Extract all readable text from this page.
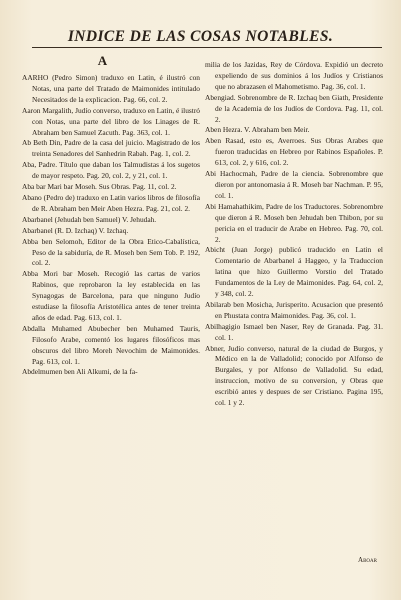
INDICE DE LAS COSAS NOTABLES.
A

AARHO (Pedro Simon) traduxo en Latin, é ilustró con Notas, una parte del Tratado de Maimonides intitulado Necesitados de la explicacion. Pag. 66, col. 2.

Aaron Margalith, Judío converso, traduxo en Latin, é ilustró con Notas, una parte del libro de los Linages de R. Abraham ben Samuel Zacuth. Pag. 363, col. 1.

Ab Beth Din, Padre de la casa del juicio. Magistrado de los treinta Senadores del Sanhedrin Rabah. Pag. 1, col. 2.

Aba, Padre. Título que daban los Talmudistas á los sugetos de mayor respeto. Pag. 20, col. 2, y 21, col. 1.

Aba bar Mari bar Moseh. Sus Obras. Pag. 11, col. 2.

Abano (Pedro de) traduxo en Latin varios libros de filosofía de R. Abraham ben Meir Aben Hezra. Pag. 21, col. 2.

Abarbanel (Jehudah ben Samuel) V. Jehudah.

Abarbanel (R. D. Izchaq) V. Izchaq.

Abba ben Selomoh, Editor de la Obra Etico-Cabalística, Peso de la sabiduría, de R. Moseh ben Sem Tob. P. 192, col. 2.

Abba Mori bar Moseh. Recogió las cartas de varios Rabinos, que reprobaron la ley establecida en las Synagogas de Barcelona, para que ninguno Judío estudiase la filosofía Aristotélica antes de tener treinta años de edad. Pag. 613, col. 1.

Abdalla Muhamed Abubecher ben Muhamed Tauris, Filosofo Arabe, comentó los lugares filosóficos mas obscuros del libro Moreh Nevochim de Maimonides. Pag. 613, col. 1.

Abdelmumen ben Ali Alkumi, de la fa-

milia de los Jazidas, Rey de Córdova. Expidió un decreto expeliendo de sus dominios á los Judíos y Cristianos que no abrazasen el Mahometismo. Pag. 36, col. 1.

Abengiad. Sobrenombre de R. Izchaq ben Giath, Presidente de la Academia de los Judíos de Cordova. Pag. 11, col. 2.

Aben Hezra. V. Abraham ben Meir.

Aben Rasad, esto es, Averroes. Sus Obras Arabes que fueron traducidas en Hebreo por Rabinos Españoles. P. 613, col. 2, y 616, col. 2.

Abi Hachocmah, Padre de la ciencia. Sobrenombre que dieron por antonomasia á R. Moseh bar Nachman. P. 95, col. 1.

Abi Hamahathikim, Padre de los Traductores. Sobrenombre que dieron á R. Moseh ben Jehudah ben Thibon, por su pericia en el traducir de Arabe en Hebreo. Pag. 70, col. 2.

Abicht (Juan Jorge) publicó traducido en Latin el Comentario de Abarbanel á Haggeo, y la Traduccion latina que hizo Guillermo Vorstio del Tratado Fundamentos de la Ley de Maimonides. Pag. 64, col. 2, y 348, col. 2.

Abilarab ben Mosicha, Jurisperito. Acusacion que presentó en Phustata contra Maimonides. Pag. 36, col. 1.

Abilhagigio Ismael ben Naser, Rey de Granada. Pag. 31. col. 1.

Abner, Judío converso, natural de la ciudad de Burgos, y Médico en la de Valladolid; conocido por Alfonso de Burgales, y por Alfonso de Valladolid. Su edad, instruccion, motivo de su conversion, y Obras que escribió antes y despues de ser Cristiano. Pagina 195, col. 1 y 2.

Aboar
